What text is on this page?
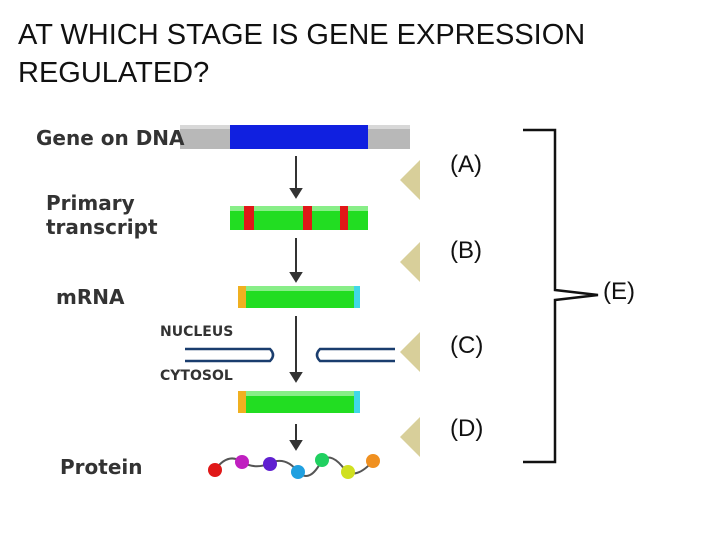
AT WHICH STAGE IS GENE EXPRESSION REGULATED?
Gene on DNA
Primary transcript
mRNA
NUCLEUS
CYTOSOL
Protein
(A)
(B)
(C)
(D)
(E)
